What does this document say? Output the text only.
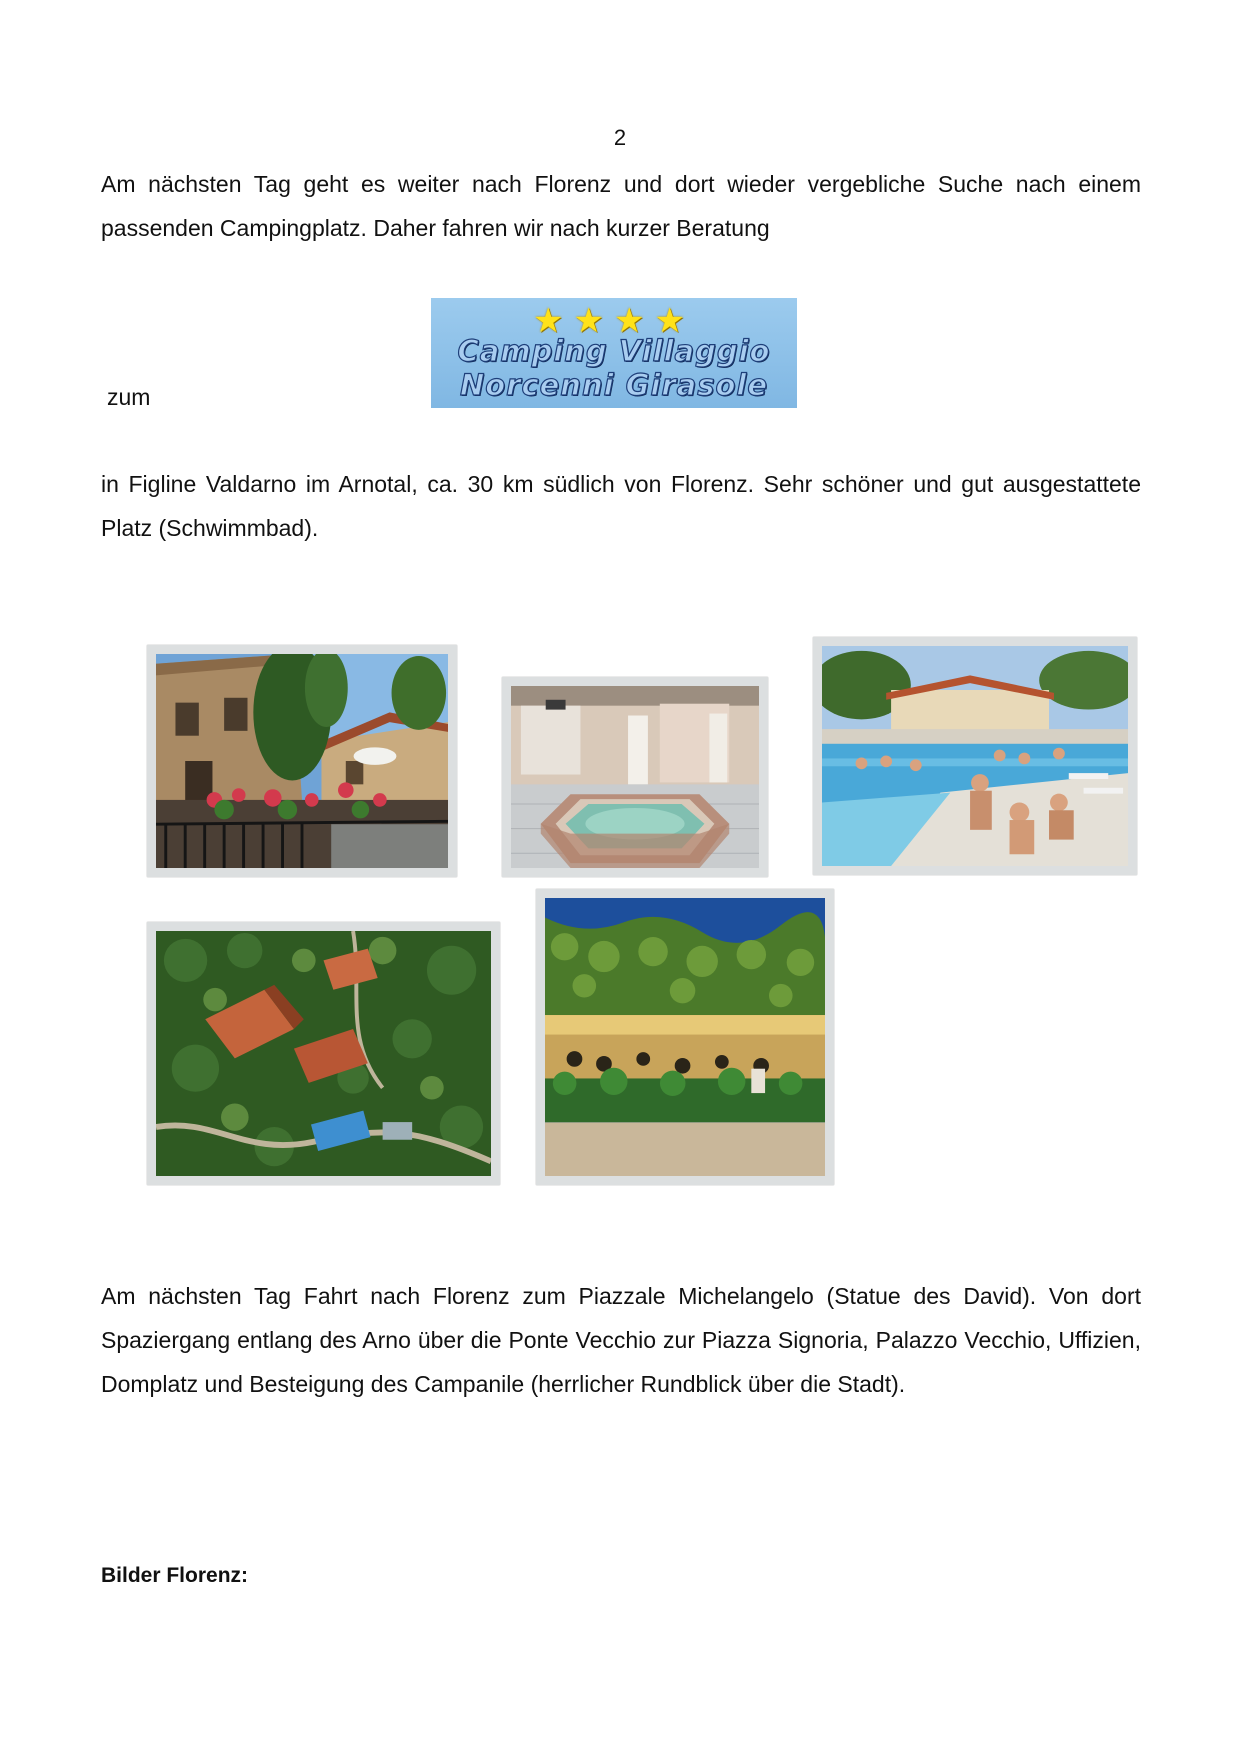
2
Am nächsten Tag geht es weiter nach Florenz und dort wieder vergebliche Suche nach einem passenden Campingplatz. Daher fahren wir nach kurzer Beratung
zum
★★★★
Camping Villaggio
Norcenni Girasole
in Figline Valdarno im Arnotal, ca. 30 km südlich von Florenz. Sehr schöner und gut ausgestattete Platz (Schwimmbad).
Am nächsten Tag Fahrt nach Florenz zum Piazzale Michelangelo (Statue des David). Von dort Spaziergang entlang des Arno über die Ponte Vecchio zur Piazza Signoria, Palazzo Vecchio, Uffizien, Domplatz und Besteigung des Campanile (herrlicher Rundblick über die Stadt).
Bilder Florenz:
